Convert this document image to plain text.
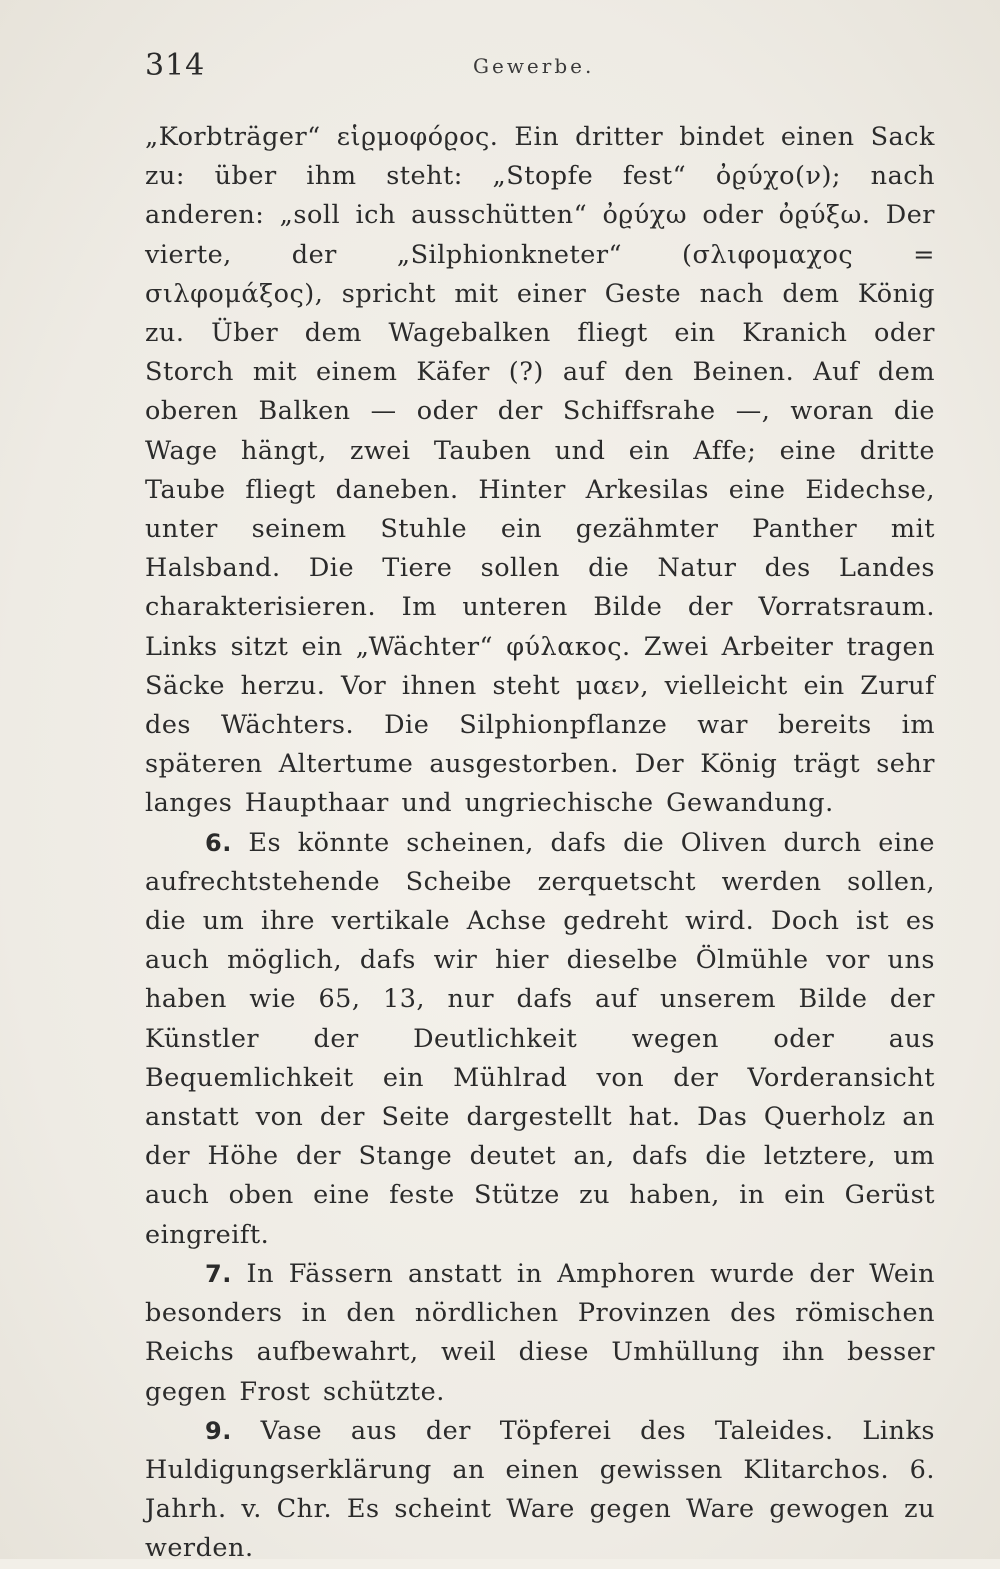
314	Gewerbe.

„Korbträger“ εἱϱμοφόϱος. Ein dritter bindet einen Sack zu: über ihm steht: „Stopfe fest“ ὀϱύχο(ν); nach anderen: „soll ich ausschütten“ ὀϱύχω oder ὀϱύξω. Der vierte, der „Silphionkneter“ (σλιφομαχος = σιλφομάξος), spricht mit einer Geste nach dem König zu. Über dem Wagebalken fliegt ein Kranich oder Storch mit einem Käfer (?) auf den Beinen. Auf dem oberen Balken — oder der Schiffsrahe —, woran die Wage hängt, zwei Tauben und ein Affe; eine dritte Taube fliegt daneben. Hinter Arkesilas eine Eidechse, unter seinem Stuhle ein gezähmter Panther mit Halsband. Die Tiere sollen die Natur des Landes charakterisieren. Im unteren Bilde der Vorratsraum. Links sitzt ein „Wächter“ φύλακος. Zwei Arbeiter tragen Säcke herzu. Vor ihnen steht μαεν, vielleicht ein Zuruf des Wächters. Die Silphionpflanze war bereits im späteren Altertume ausgestorben. Der König trägt sehr langes Haupthaar und ungriechische Gewandung.

6. Es könnte scheinen, dafs die Oliven durch eine aufrechtstehende Scheibe zerquetscht werden sollen, die um ihre vertikale Achse gedreht wird. Doch ist es auch möglich, dafs wir hier dieselbe Ölmühle vor uns haben wie 65, 13, nur dafs auf unserem Bilde der Künstler der Deutlichkeit wegen oder aus Bequemlichkeit ein Mühlrad von der Vorderansicht anstatt von der Seite dargestellt hat. Das Querholz an der Höhe der Stange deutet an, dafs die letztere, um auch oben eine feste Stütze zu haben, in ein Gerüst eingreift.

7. In Fässern anstatt in Amphoren wurde der Wein besonders in den nördlichen Provinzen des römischen Reichs aufbewahrt, weil diese Umhüllung ihn besser gegen Frost schützte.

9. Vase aus der Töpferei des Taleides. Links Huldigungserklärung an einen gewissen Klitarchos. 6. Jahrh. v. Chr. Es scheint Ware gegen Ware gewogen zu werden.
